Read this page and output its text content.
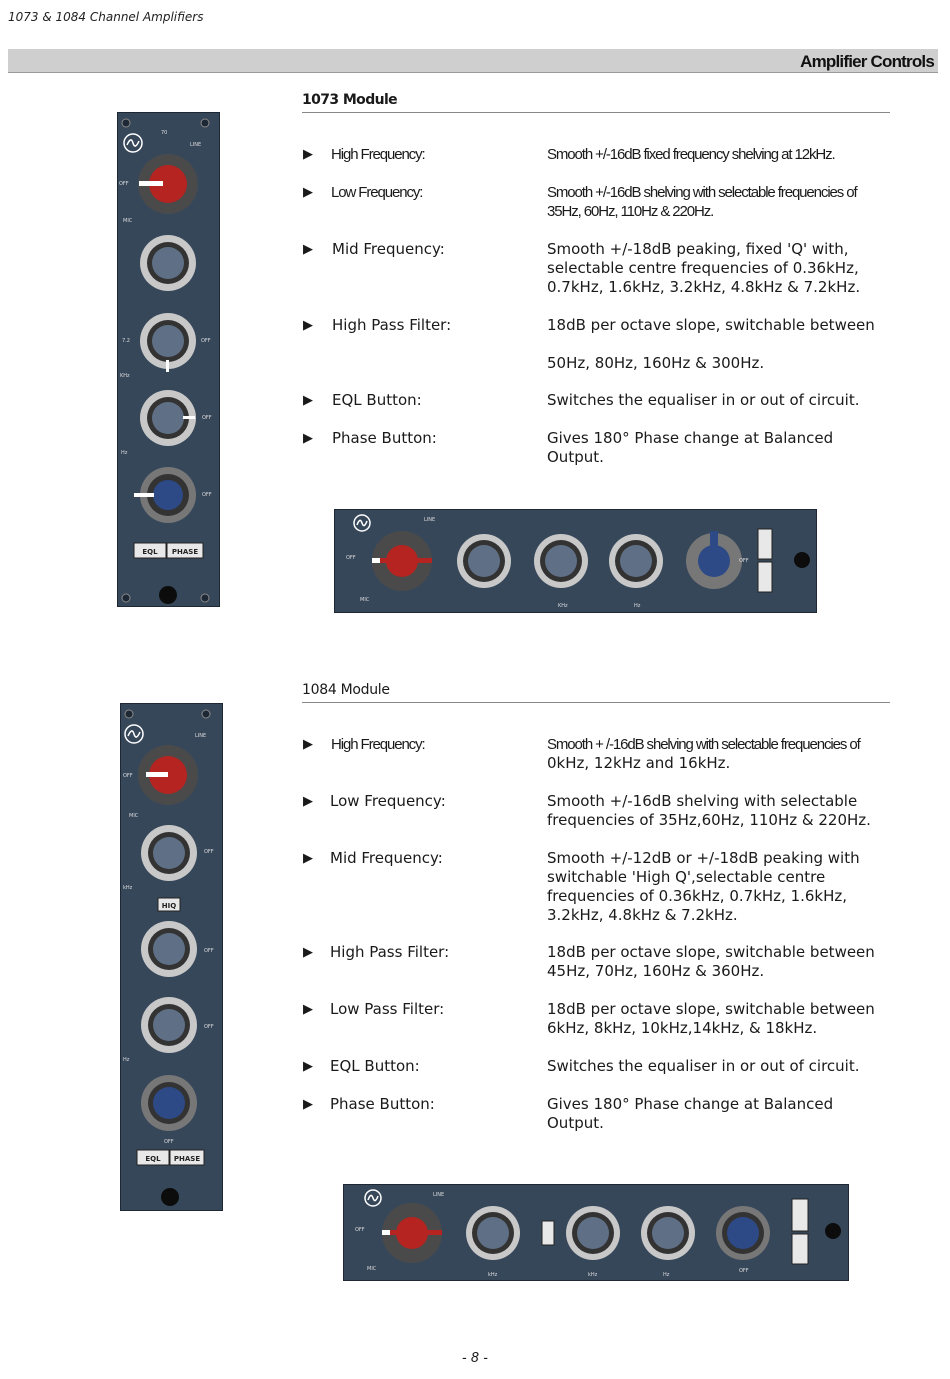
1073 & 1084 Channel Amplifiers
Amplifier Controls
1073 Module
▶ High Frequency:	Smooth +/-16dB fixed frequency shelving at 12kHz.
▶ Low Frequency:	Smooth +/-16dB shelving with selectable frequencies of 35Hz, 60Hz, 110Hz & 220Hz.
▶ Mid Frequency:	Smooth +/-18dB peaking, fixed 'Q' with, selectable centre frequencies of 0.36kHz, 0.7kHz, 1.6kHz, 3.2kHz, 4.8kHz & 7.2kHz.
▶ High Pass Filter:	18dB per octave slope, switchable between
50Hz, 80Hz, 160Hz & 300Hz.
▶ EQL Button:	Switches the equaliser in or out of circuit.
▶ Phase Button:	Gives 180° Phase change at Balanced Output.
70
LINE
OFF
MIC
7.2	OFF
KHz
OFF
Hz
OFF
EQL PHASE
OFF
MIC
LINE
KHz	Hz
OFF
1084 Module
▶ High Frequency:	Smooth + /-16dB shelving with selectable frequencies of
0kHz, 12kHz and 16kHz.
▶ Low Frequency:	Smooth +/-16dB shelving with selectable frequencies of 35Hz,60Hz, 110Hz & 220Hz.
▶ Mid Frequency:	Smooth +/-12dB or +/-18dB peaking with switchable 'High Q',selectable centre frequencies of 0.36kHz, 0.7kHz, 1.6kHz, 3.2kHz, 4.8kHz & 7.2kHz.
▶ High Pass Filter:	18dB per octave slope, switchable between 45Hz, 70Hz, 160Hz & 360Hz.
▶ Low Pass Filter:	18dB per octave slope, switchable between 6kHz, 8kHz, 10kHz,14kHz, & 18kHz.
▶ EQL Button:	Switches the equaliser in or out of circuit.
▶ Phase Button:	Gives 180° Phase change at Balanced Output.
HIQ
LINE
OFF
MIC
OFF
kHz
OFF
OFF
Hz
OFF
EQL PHASE
OFF
MIC
LINE
kHz	kHz	Hz
OFF
- 8 -
